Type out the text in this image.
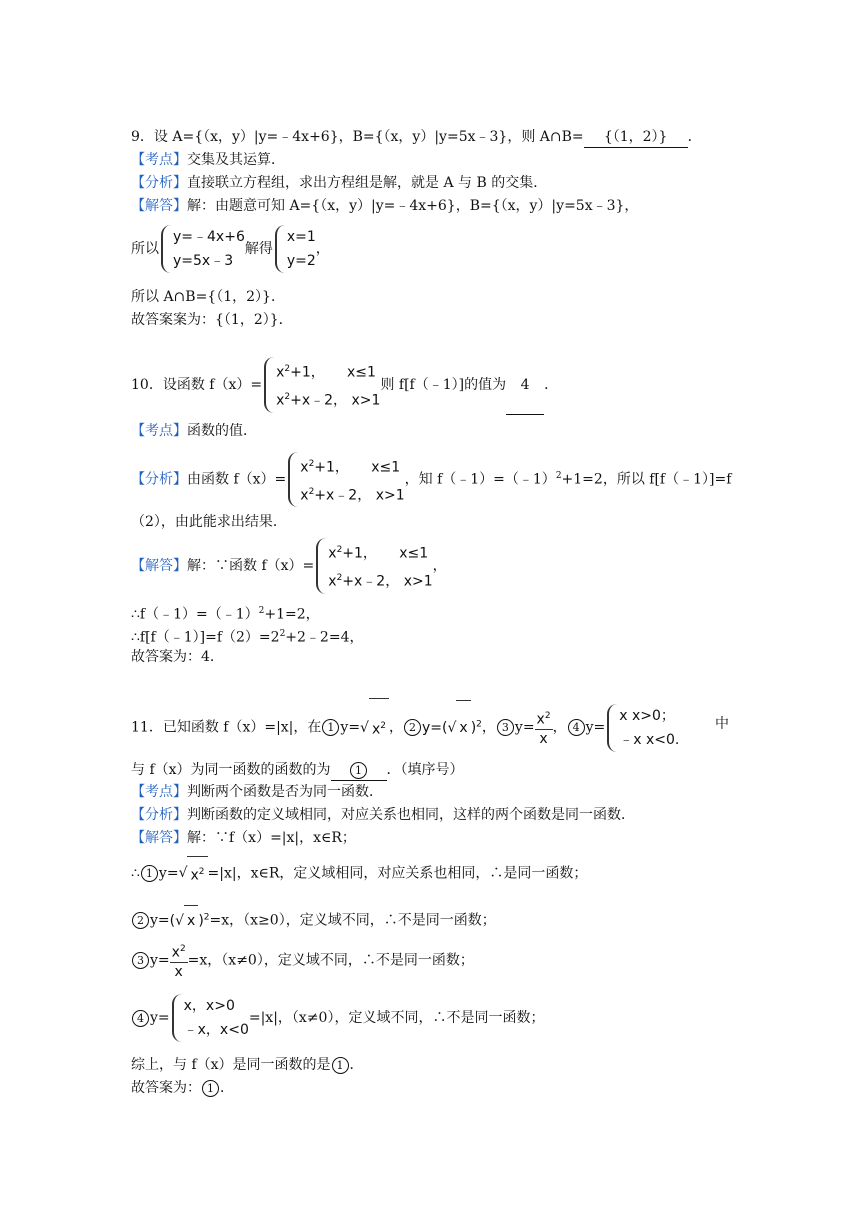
9．设 A={（x，y）|y=﹣4x+6}，B={（x，y）|y=5x﹣3}，则 A∩B= {（1，2）} ．
【考点】交集及其运算．
【分析】直接联立方程组，求出方程组是解，就是 A 与 B 的交集．
【解答】解：由题意可知 A={（x，y）|y=﹣4x+6}，B={（x，y）|y=5x﹣3}，
所以
y=﹣4x+6
y=5x﹣3
解得
x=1
y=2
，
所以 A∩B={（1，2）}．
故答案案为：{（1，2）}．
10．设函数 f（x）=
$x^2+1$， x≤1
$x^2+x﹣2$， x>1
则 f[f（﹣1）]的值为 4 ．
【考点】函数的值．
【分析】由函数 f（x）=
$x^2+1$， x≤1
$x^2+x﹣2$， x>1
，知 f（﹣1）=（﹣1）$^2$+1=2，所以 f[f（﹣1）]=f
（2），由此能求出结果．
【解答】解：∵函数 f（x）=
$x^2+1$， x≤1
$x^2+x﹣2$， x>1
，
∴f（﹣1）=（﹣1）$^2$+1=2，
$\therefore f[f(﹣1)]=f(2)=2^2+2﹣2=4$，
故答案为：4．
11．已知函数 f（x）=|x|，在 1 y=√ $x^2$ ， 2 y=(√ x )$^2$， 3 $y= \frac{x^2}{x}$ ， 4 y=
x x>0；
﹣x x<0.
中
与 f（x）为同一函数的函数的为 1 ．（填序号）
【考点】判断两个函数是否为同一函数．
【分析】判断函数的定义域相同，对应关系也相同，这样的两个函数是同一函数．
【解答】解：∵f（x）=|x|，x∈R；
∴ 1 y=√ $x^2 =|x|$，x∈R，定义域相同，对应关系也相同，∴是同一函数；
2 y=(√ x )$^2$=x，（x≥0），定义域不同，∴不是同一函数；
3 $y= \frac{x^2}{x} =x$，（x≠0），定义域不同，∴不是同一函数；
4 y=
x，x>0
﹣x，x<0
=|x|，（x≠0），定义域不同，∴不是同一函数；
综上，与 f（x）是同一函数的是 1 ．
故答案为： 1 ．
